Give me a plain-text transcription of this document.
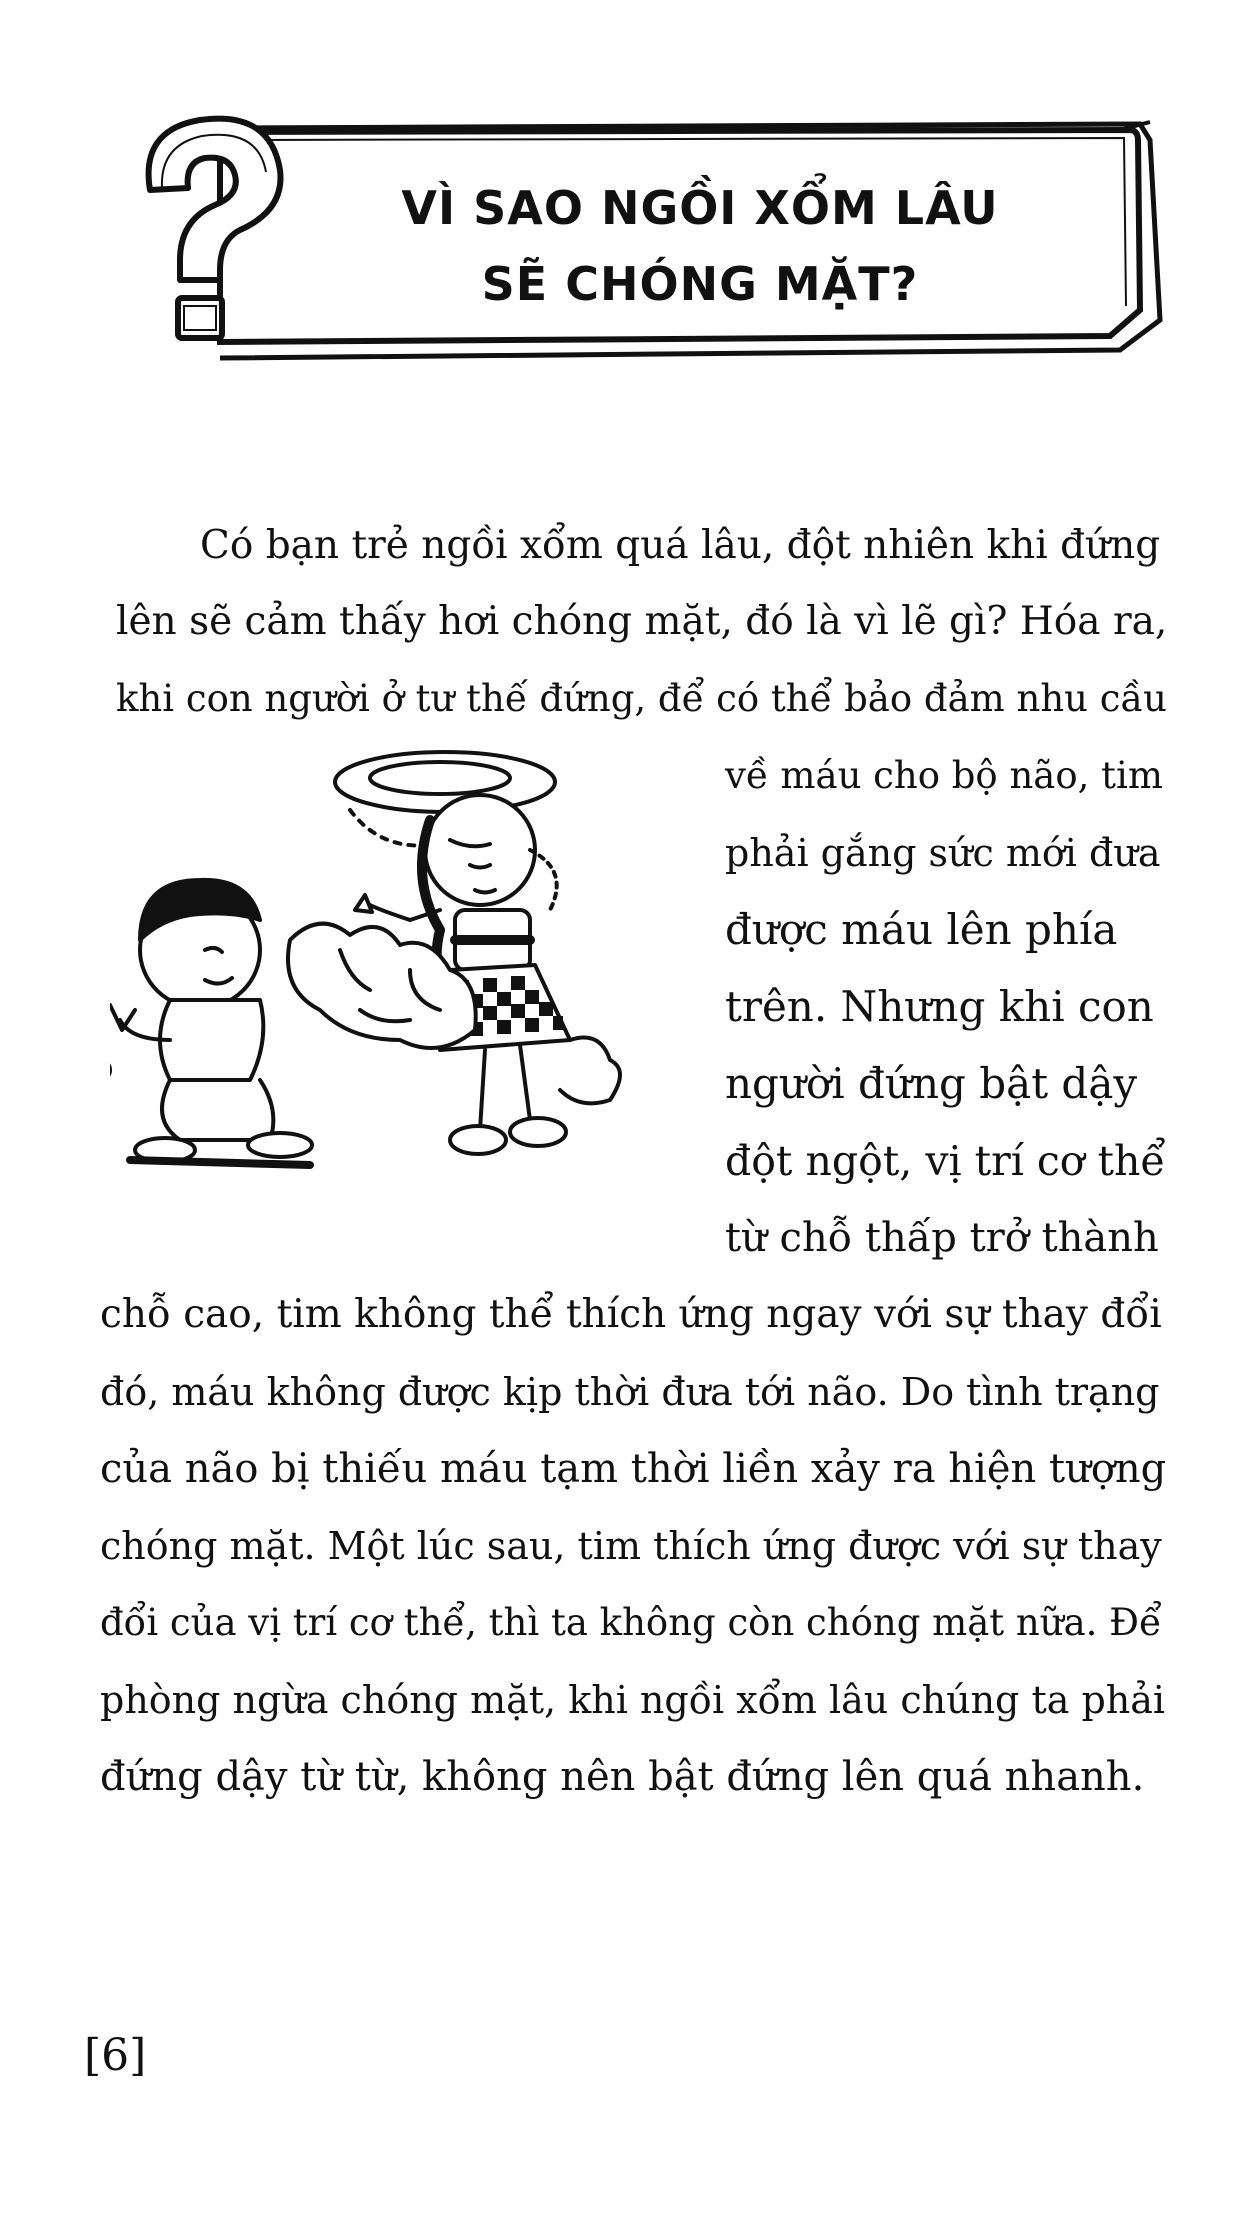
VÌ SAO NGỒI XỔM LÂU
SẼ CHÓNG MẶT?

Có bạn trẻ ngồi xổm quá lâu, đột nhiên khi đứng

lên sẽ cảm thấy hơi chóng mặt, đó là vì lẽ gì? Hóa ra,

khi con người ở tư thế đứng, để có thể bảo đảm nhu cầu

về máu cho bộ não, tim

phải gắng sức mới đưa

được máu lên phía

trên. Nhưng khi con

người đứng bật dậy

đột ngột, vị trí cơ thể

từ chỗ thấp trở thành

chỗ cao, tim không thể thích ứng ngay với sự thay đổi

đó, máu không được kịp thời đưa tới não. Do tình trạng

của não bị thiếu máu tạm thời liền xảy ra hiện tượng

chóng mặt. Một lúc sau, tim thích ứng được với sự thay

đổi của vị trí cơ thể, thì ta không còn chóng mặt nữa. Để

phòng ngừa chóng mặt, khi ngồi xổm lâu chúng ta phải

đứng dậy từ từ, không nên bật đứng lên quá nhanh.

[6]
